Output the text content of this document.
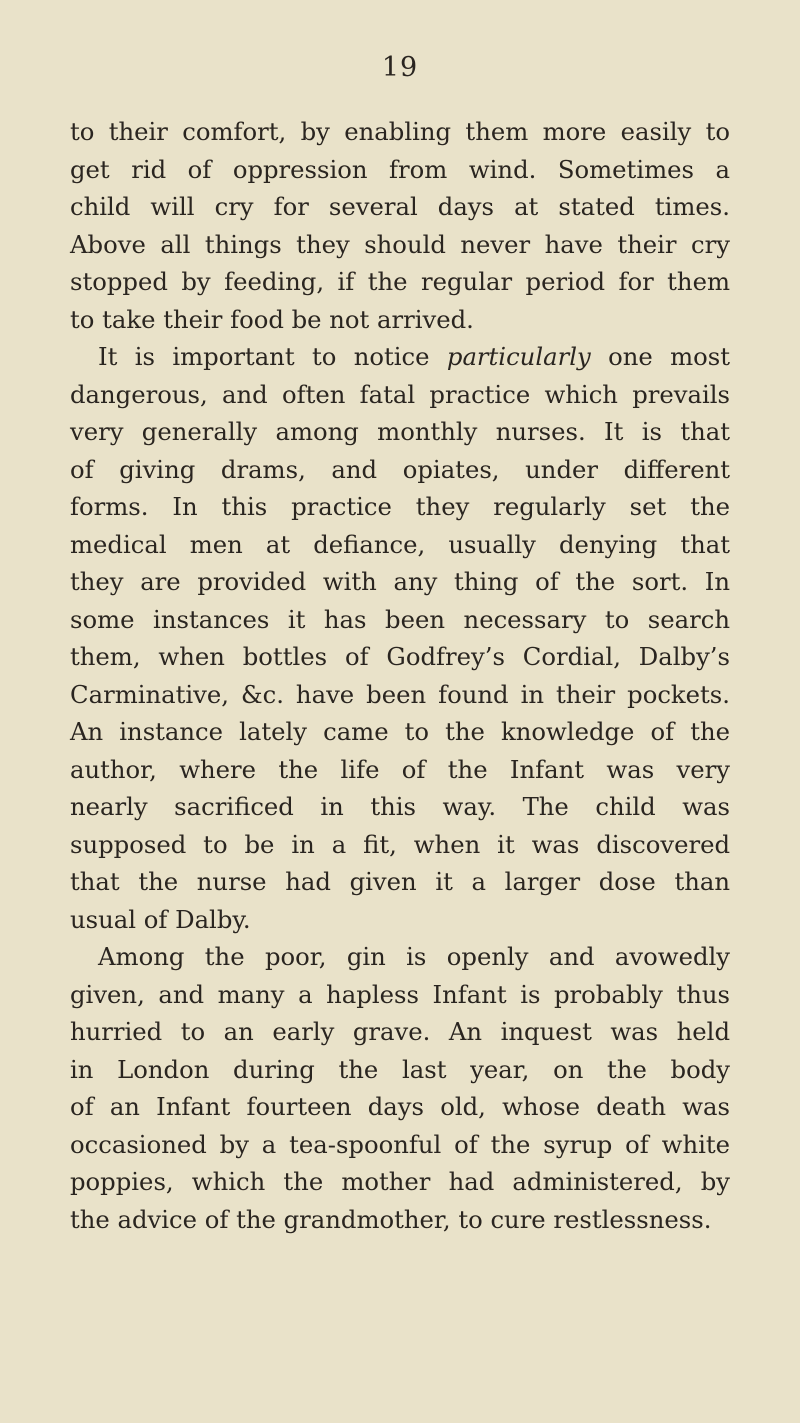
19
to their comfort, by enabling them more easily to
get rid of oppression from wind. Sometimes a
child will cry for several days at stated times.
Above all things they should never have their cry
stopped by feeding, if the regular period for them
to take their food be not arrived.
It is important to notice particularly one most
dangerous, and often fatal practice which prevails
very generally among monthly nurses. It is that
of giving drams, and opiates, under different
forms. In this practice they regularly set the
medical men at defiance, usually denying that
they are provided with any thing of the sort. In
some instances it has been necessary to search
them, when bottles of Godfrey’s Cordial, Dalby’s
Carminative, &c. have been found in their pockets.
An instance lately came to the knowledge of the
author, where the life of the Infant was very
nearly sacrificed in this way. The child was
supposed to be in a fit, when it was discovered
that the nurse had given it a larger dose than
usual of Dalby.
Among the poor, gin is openly and avowedly
given, and many a hapless Infant is probably thus
hurried to an early grave. An inquest was held
in London during the last year, on the body
of an Infant fourteen days old, whose death was
occasioned by a tea-spoonful of the syrup of white
poppies, which the mother had administered, by
the advice of the grandmother, to cure restlessness.
